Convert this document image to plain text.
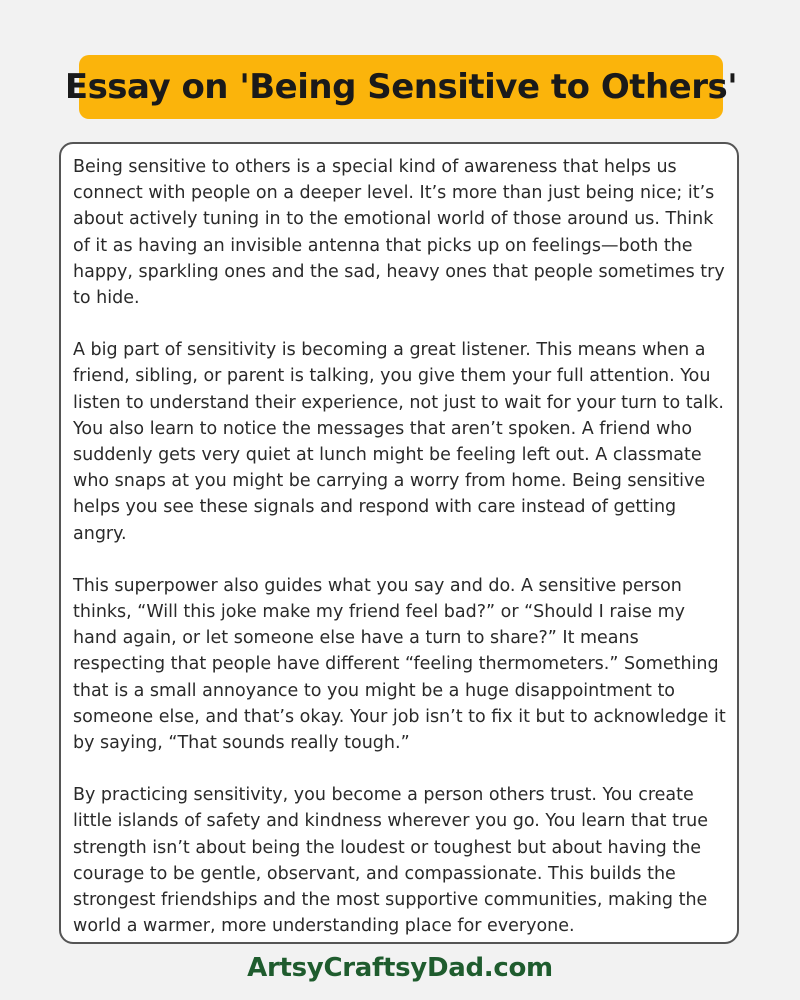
Essay on 'Being Sensitive to Others'

Being sensitive to others is a special kind of awareness that helps us connect with people on a deeper level. It’s more than just being nice; it’s about actively tuning in to the emotional world of those around us. Think of it as having an invisible antenna that picks up on feelings—both the happy, sparkling ones and the sad, heavy ones that people sometimes try to hide.

A big part of sensitivity is becoming a great listener. This means when a friend, sibling, or parent is talking, you give them your full attention. You listen to understand their experience, not just to wait for your turn to talk. You also learn to notice the messages that aren’t spoken. A friend who suddenly gets very quiet at lunch might be feeling left out. A classmate who snaps at you might be carrying a worry from home. Being sensitive helps you see these signals and respond with care instead of getting angry.

This superpower also guides what you say and do. A sensitive person thinks, “Will this joke make my friend feel bad?” or “Should I raise my hand again, or let someone else have a turn to share?” It means respecting that people have different “feeling thermometers.” Something that is a small annoyance to you might be a huge disappointment to someone else, and that’s okay. Your job isn’t to fix it but to acknowledge it by saying, “That sounds really tough.”

By practicing sensitivity, you become a person others trust. You create little islands of safety and kindness wherever you go. You learn that true strength isn’t about being the loudest or toughest but about having the courage to be gentle, observant, and compassionate. This builds the strongest friendships and the most supportive communities, making the world a warmer, more understanding place for everyone.

ArtsyCraftsyDad.com
